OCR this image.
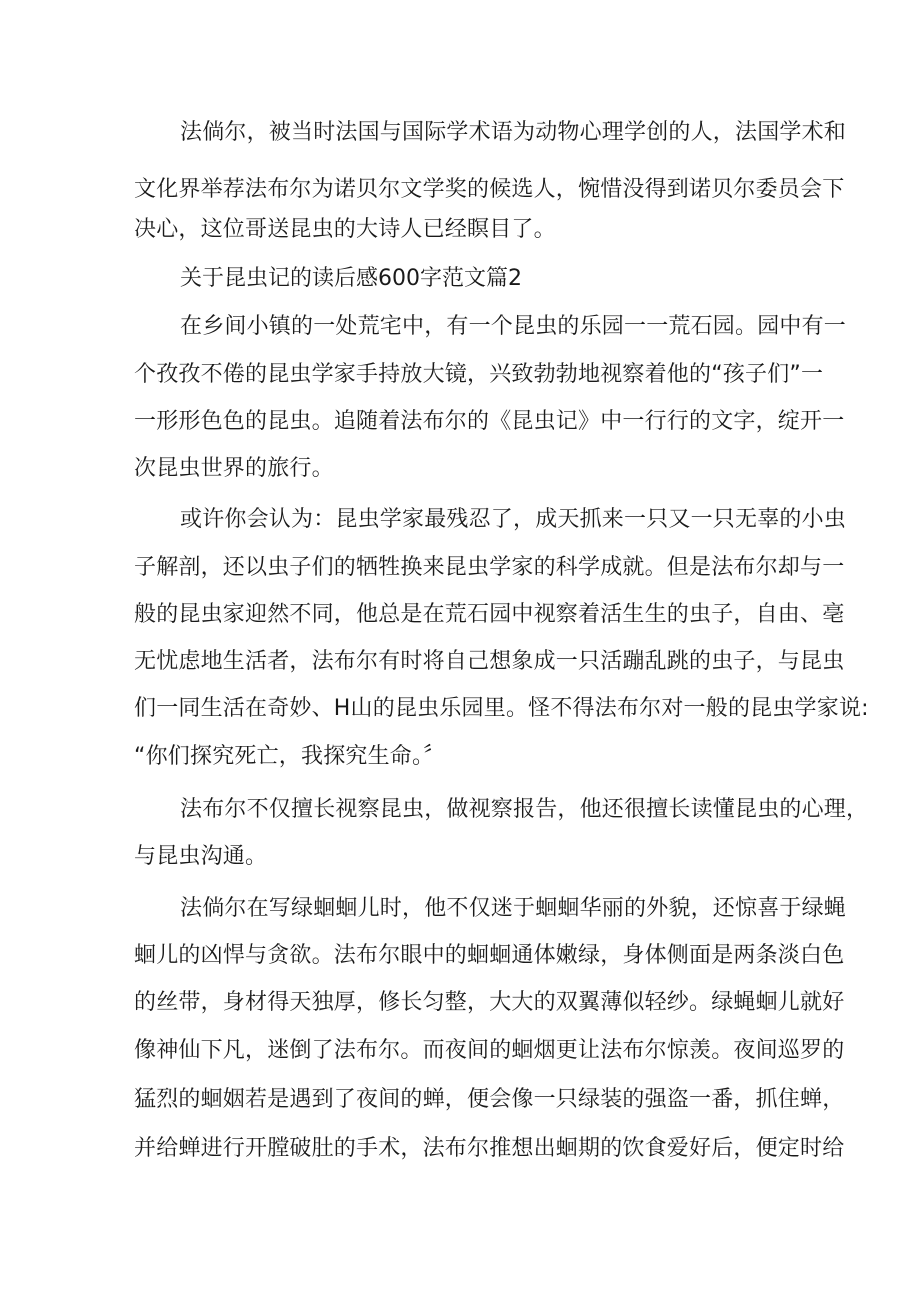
法倘尔，被当时法国与国际学术语为动物心理学创的人，法国学术和
文化界举荐法布尔为诺贝尔文学奖的候选人，惋惜没得到诺贝尔委员会下
决心，这位哥送昆虫的大诗人已经瞑目了。
关于昆虫记的读后感600字范文篇2
在乡间小镇的一处荒宅中，有一个昆虫的乐园一一荒石园。园中有一
个孜孜不倦的昆虫学家手持放大镜，兴致勃勃地视察着他的“孩子们”一
一形形色色的昆虫。追随着法布尔的《昆虫记》中一行行的文字，绽开一
次昆虫世界的旅行。
或许你会认为：昆虫学家最残忍了，成天抓来一只又一只无辜的小虫
子解剖，还以虫子们的牺牲换来昆虫学家的科学成就。但是法布尔却与一
般的昆虫家迎然不同，他总是在荒石园中视察着活生生的虫子，自由、亳
无忧虑地生活者，法布尔有时将自己想象成一只活蹦乱跳的虫子，与昆虫
们一同生活在奇妙、H山的昆虫乐园里。怪不得法布尔对一般的昆虫学家说:
“你们探究死亡，我探究生命。〞
法布尔不仅擅长视察昆虫，做视察报告，他还很擅长读懂昆虫的心理，
与昆虫沟通。
法倘尔在写绿蛔蛔儿时，他不仅迷于蛔蛔华丽的外貌，还惊喜于绿蝇
蛔儿的凶悍与贪欲。法布尔眼中的蛔蛔通体嫩绿，身体侧面是两条淡白色
的丝带，身材得天独厚，修长匀整，大大的双翼薄似轻纱。绿蝇蛔儿就好
像神仙下凡，迷倒了法布尔。而夜间的蛔烟更让法布尔惊羡。夜间巡罗的
猛烈的蛔姻若是遇到了夜间的蝉，便会像一只绿装的强盗一番，抓住蝉，
并给蝉进行开膛破肚的手术，法布尔推想出蛔期的饮食爱好后，便定时给
